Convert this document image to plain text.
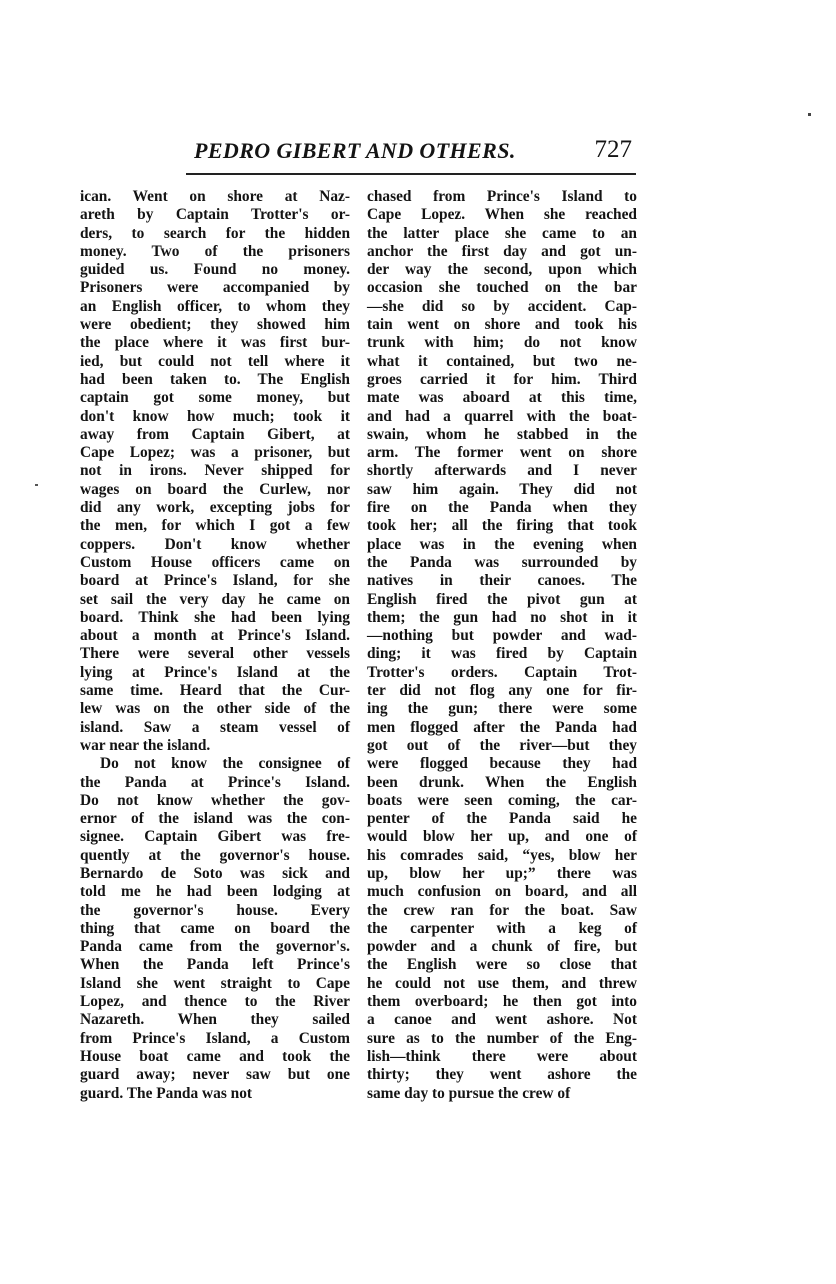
PEDRO GIBERT AND OTHERS.	727
ican. Went on shore at Naz-
areth by Captain Trotter's or-
ders, to search for the hidden
money. Two of the prisoners
guided us. Found no money.
Prisoners were accompanied by
an English officer, to whom they
were obedient; they showed him
the place where it was first bur-
ied, but could not tell where it
had been taken to. The English
captain got some money, but
don't know how much; took it
away from Captain Gibert, at
Cape Lopez; was a prisoner, but
not in irons. Never shipped for
wages on board the Curlew, nor
did any work, excepting jobs for
the men, for which I got a few
coppers. Don't know whether
Custom House officers came on
board at Prince's Island, for she
set sail the very day he came on
board. Think she had been lying
about a month at Prince's Island.
There were several other vessels
lying at Prince's Island at the
same time. Heard that the Cur-
lew was on the other side of the
island. Saw a steam vessel of
war near the island.
Do not know the consignee of
the Panda at Prince's Island.
Do not know whether the gov-
ernor of the island was the con-
signee. Captain Gibert was fre-
quently at the governor's house.
Bernardo de Soto was sick and
told me he had been lodging at
the governor's house. Every
thing that came on board the
Panda came from the governor's.
When the Panda left Prince's
Island she went straight to Cape
Lopez, and thence to the River
Nazareth. When they sailed
from Prince's Island, a Custom
House boat came and took the
guard away; never saw but one
guard. The Panda was not
chased from Prince's Island to
Cape Lopez. When she reached
the latter place she came to an
anchor the first day and got un-
der way the second, upon which
occasion she touched on the bar
—she did so by accident. Cap-
tain went on shore and took his
trunk with him; do not know
what it contained, but two ne-
groes carried it for him. Third
mate was aboard at this time,
and had a quarrel with the boat-
swain, whom he stabbed in the
arm. The former went on shore
shortly afterwards and I never
saw him again. They did not
fire on the Panda when they
took her; all the firing that took
place was in the evening when
the Panda was surrounded by
natives in their canoes. The
English fired the pivot gun at
them; the gun had no shot in it
—nothing but powder and wad-
ding; it was fired by Captain
Trotter's orders. Captain Trot-
ter did not flog any one for fir-
ing the gun; there were some
men flogged after the Panda had
got out of the river—but they
were flogged because they had
been drunk. When the English
boats were seen coming, the car-
penter of the Panda said he
would blow her up, and one of
his comrades said, “yes, blow her
up, blow her up;” there was
much confusion on board, and all
the crew ran for the boat. Saw
the carpenter with a keg of
powder and a chunk of fire, but
the English were so close that
he could not use them, and threw
them overboard; he then got into
a canoe and went ashore. Not
sure as to the number of the Eng-
lish—think there were about
thirty; they went ashore the
same day to pursue the crew of
